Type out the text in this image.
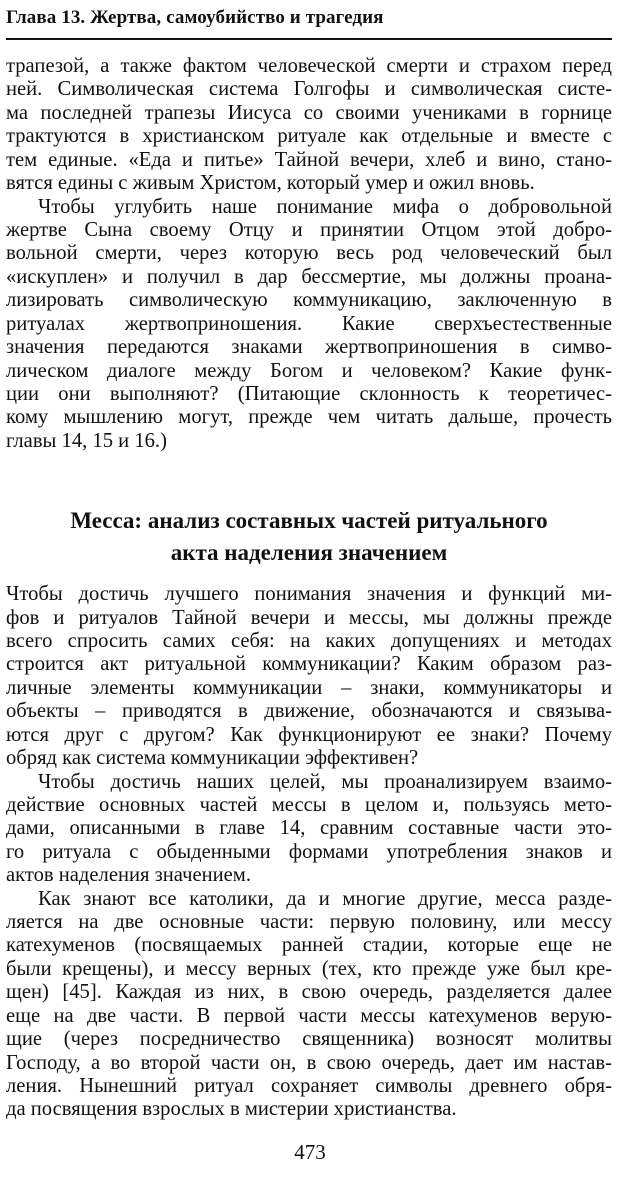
Глава 13. Жертва, самоубийство и трагедия
трапезой, а также фактом человеческой смерти и страхом перед
ней. Символическая система Голгофы и символическая систе-
ма последней трапезы Иисуса со своими учениками в горнице
трактуются в христианском ритуале как отдельные и вместе с
тем единые. «Еда и питье» Тайной вечери, хлеб и вино, стано-
вятся едины с живым Христом, который умер и ожил вновь.
Чтобы углубить наше понимание мифа о добровольной
жертве Сына своему Отцу и принятии Отцом этой добро-
вольной смерти, через которую весь род человеческий был
«искуплен» и получил в дар бессмертие, мы должны проана-
лизировать символическую коммуникацию, заключенную в
ритуалах жертвоприношения. Какие сверхъестественные
значения передаются знаками жертвоприношения в симво-
лическом диалоге между Богом и человеком? Какие функ-
ции они выполняют? (Питающие склонность к теоретичес-
кому мышлению могут, прежде чем читать дальше, прочесть
главы 14, 15 и 16.)
Месса: анализ составных частей ритуального
акта наделения значением
Чтобы достичь лучшего понимания значения и функций ми-
фов и ритуалов Тайной вечери и мессы, мы должны прежде
всего спросить самих себя: на каких допущениях и методах
строится акт ритуальной коммуникации? Каким образом раз-
личные элементы коммуникации – знаки, коммуникаторы и
объекты – приводятся в движение, обозначаются и связыва-
ются друг с другом? Как функционируют ее знаки? Почему
обряд как система коммуникации эффективен?
Чтобы достичь наших целей, мы проанализируем взаимо-
действие основных частей мессы в целом и, пользуясь мето-
дами, описанными в главе 14, сравним составные части это-
го ритуала с обыденными формами употребления знаков и
актов наделения значением.
Как знают все католики, да и многие другие, месса разде-
ляется на две основные части: первую половину, или мессу
катехуменов (посвящаемых ранней стадии, которые еще не
были крещены), и мессу верных (тех, кто прежде уже был кре-
щен) [45]. Каждая из них, в свою очередь, разделяется далее
еще на две части. В первой части мессы катехуменов верую-
щие (через посредничество священника) возносят молитвы
Господу, а во второй части он, в свою очередь, дает им настав-
ления. Нынешний ритуал сохраняет символы древнего обря-
да посвящения взрослых в мистерии христианства.
473
